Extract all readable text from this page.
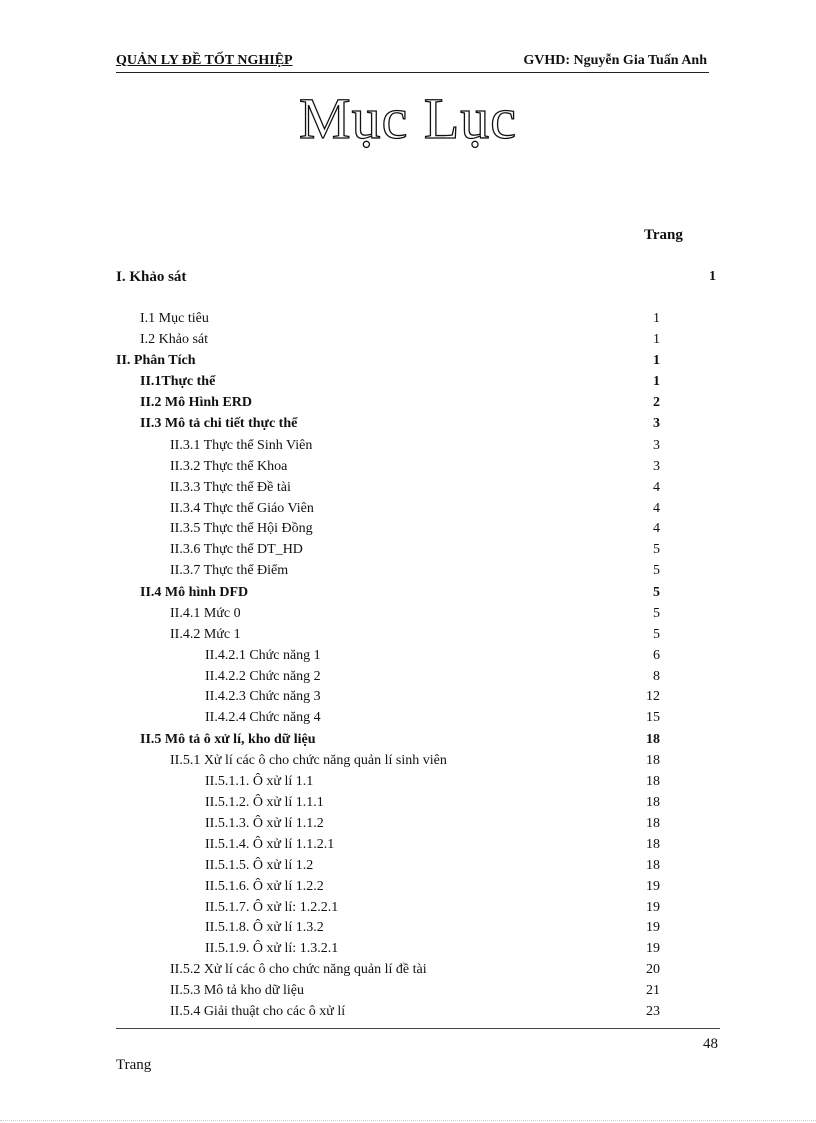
QUẢN LY ĐỀ TỐT NGHIỆP	GVHD: Nguyễn Gia Tuấn Anh
Mục Lục
Trang
I. Khảo sát	1
I.1 Mục tiêu	1
I.2 Khảo sát	1
II. Phân Tích	1
II.1Thực thể	1
II.2 Mô Hình ERD	2
II.3 Mô tả chi tiết thực thể	3
II.3.1 Thực thể Sinh Viên	3
II.3.2 Thực thể Khoa	3
II.3.3 Thực thể Đề tài	4
II.3.4 Thực thể Giáo Viên	4
II.3.5 Thực thể Hội Đồng	4
II.3.6 Thực thể DT_HD	5
II.3.7 Thực thể Điểm	5
II.4 Mô hình DFD	5
II.4.1 Mức 0	5
II.4.2 Mức 1	5
II.4.2.1 Chức năng 1	6
II.4.2.2 Chức năng 2	8
II.4.2.3 Chức năng 3	12
II.4.2.4 Chức năng 4	15
II.5 Mô tả ô xử lí, kho dữ liệu	18
II.5.1 Xử lí các ô cho chức năng quản lí sinh viên	18
II.5.1.1. Ô xử lí 1.1	18
II.5.1.2. Ô xử lí 1.1.1	18
II.5.1.3. Ô xử lí 1.1.2	18
II.5.1.4. Ô xử lí 1.1.2.1	18
II.5.1.5. Ô xử lí 1.2	18
II.5.1.6. Ô xử lí 1.2.2	19
II.5.1.7. Ô xử lí: 1.2.2.1	19
II.5.1.8. Ô xử lí 1.3.2	19
II.5.1.9. Ô xử lí: 1.3.2.1	19
II.5.2 Xử lí các ô cho chức năng quản lí đề tài	20
II.5.3 Mô tả kho dữ liệu	21
II.5.4 Giải thuật cho các ô xử lí	23
48
Trang
